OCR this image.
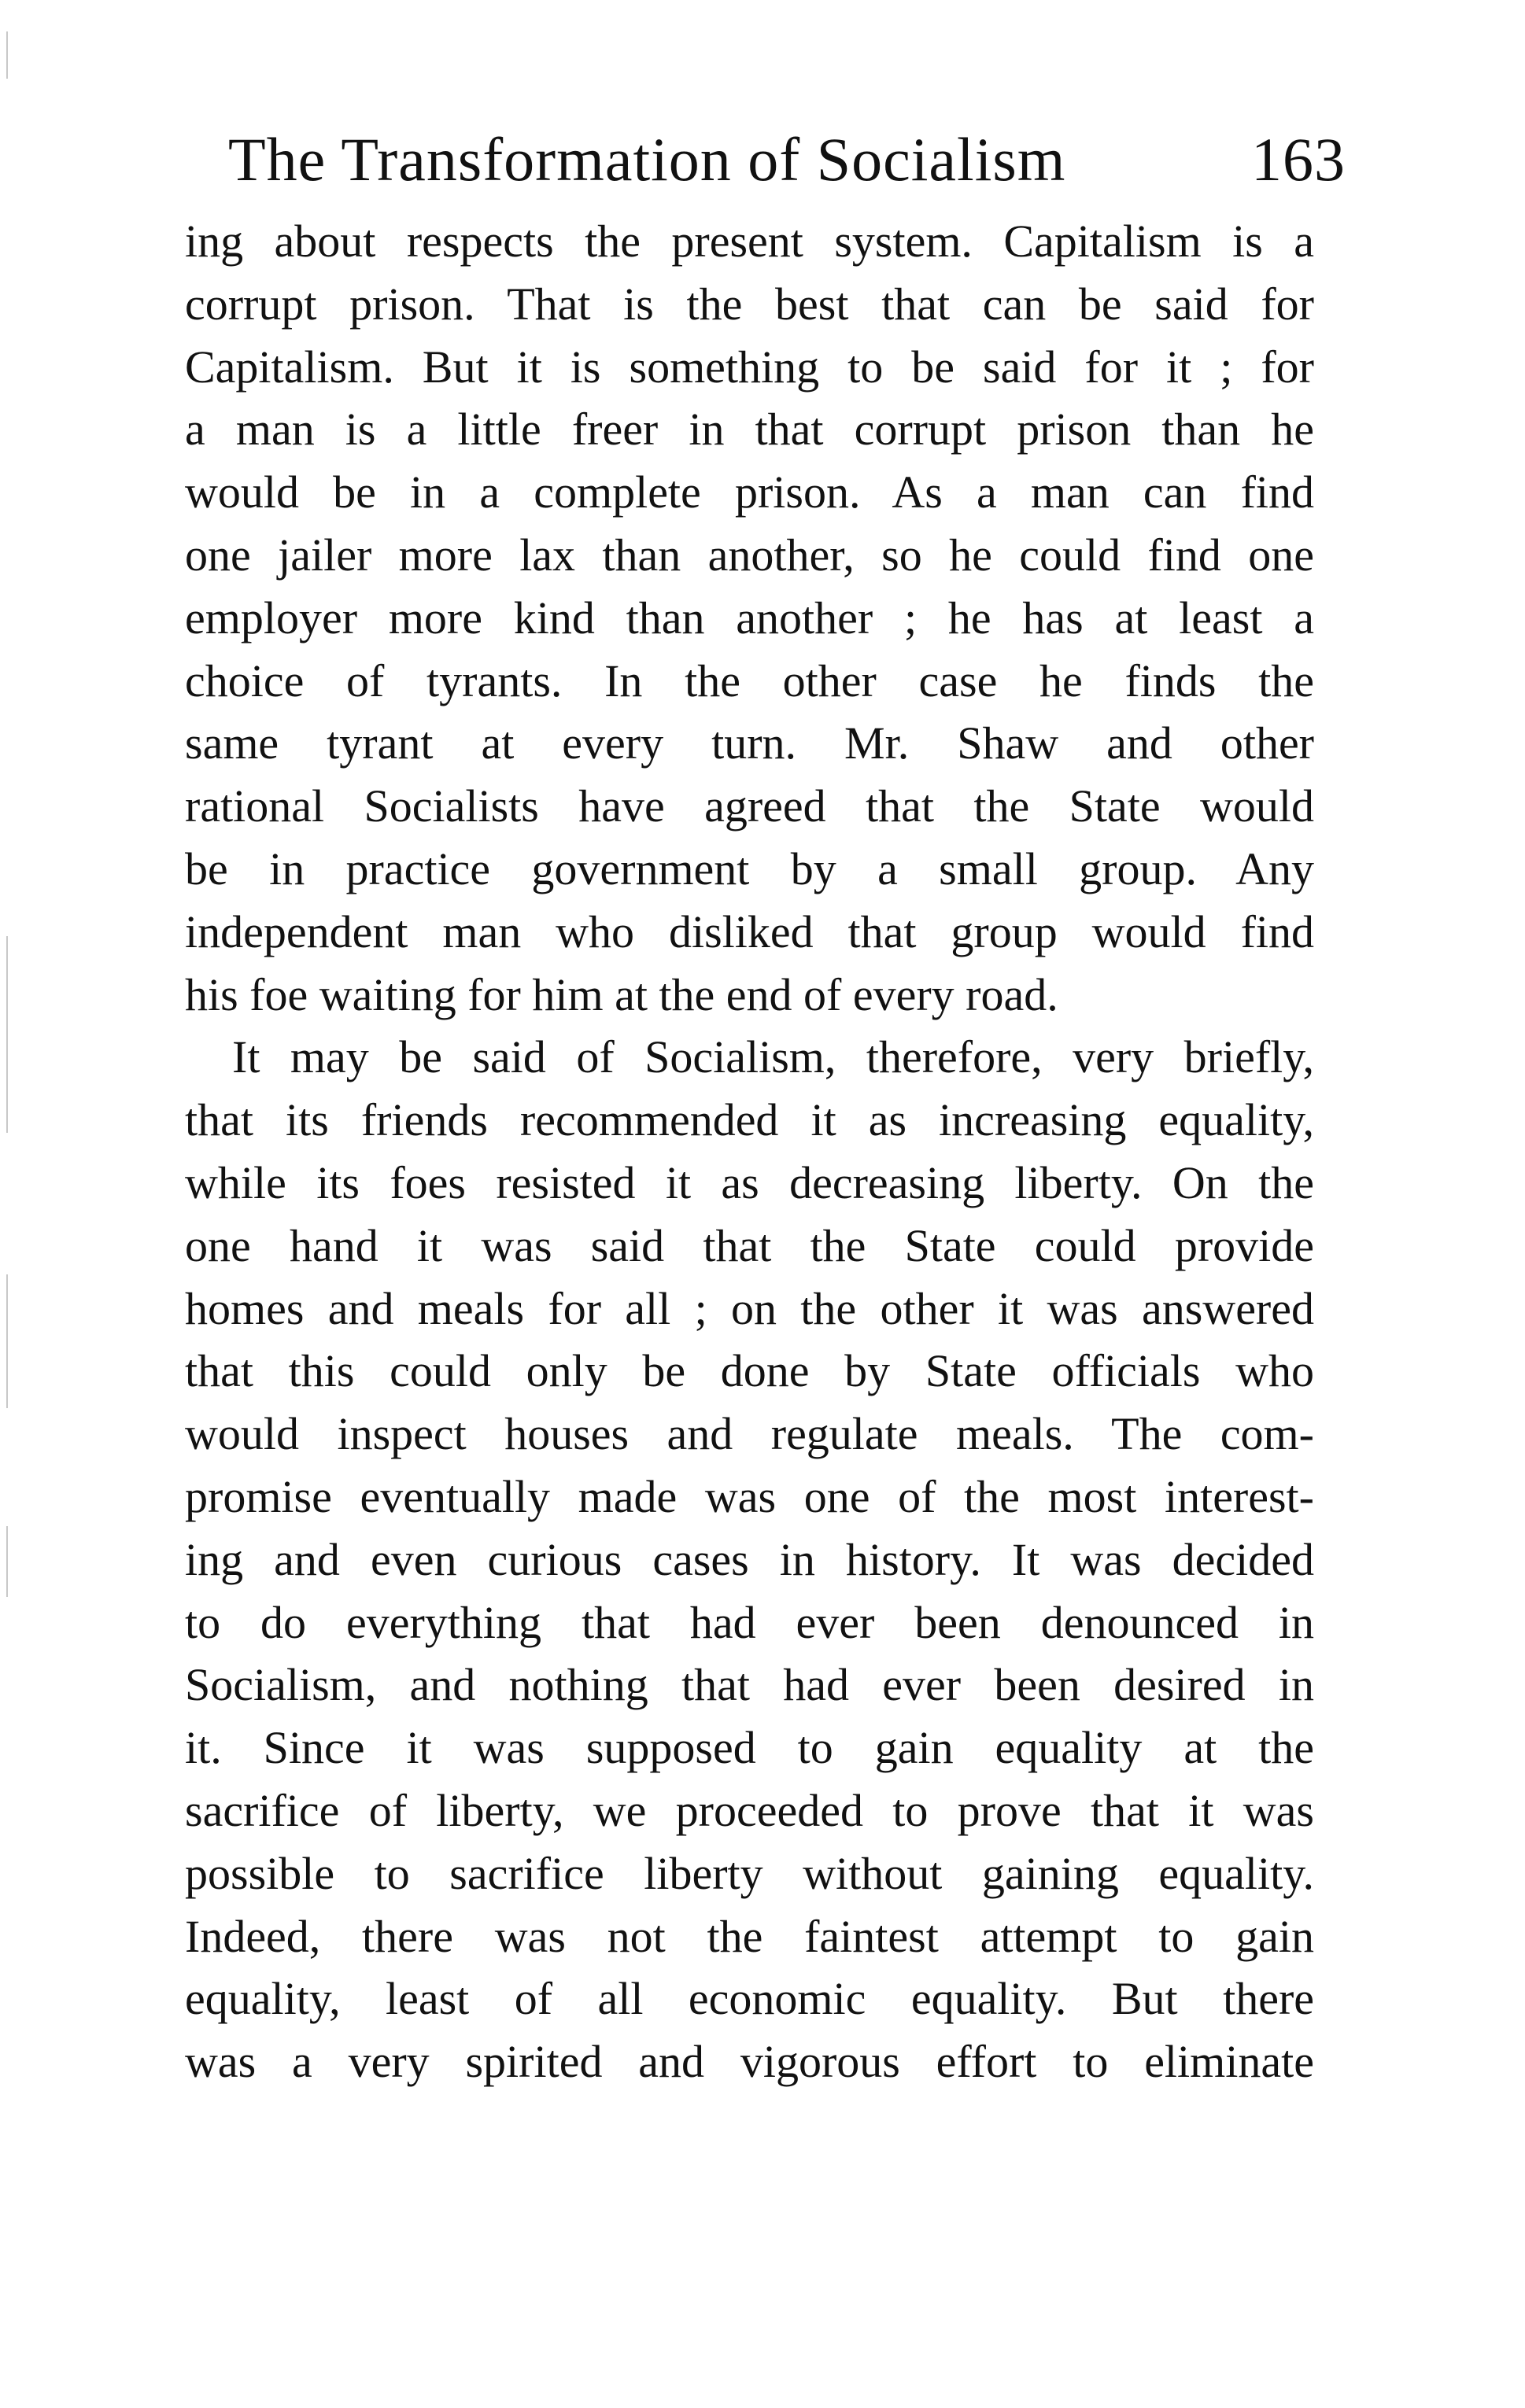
The Transformation of Socialism	163
ing about respects the present system. Capitalism is a
corrupt prison. That is the best that can be said for
Capitalism. But it is something to be said for it ; for
a man is a little freer in that corrupt prison than he
would be in a complete prison. As a man can find
one jailer more lax than another, so he could find one
employer more kind than another ; he has at least a
choice of tyrants. In the other case he finds the
same tyrant at every turn. Mr. Shaw and other
rational Socialists have agreed that the State would
be in practice government by a small group. Any
independent man who disliked that group would find
his foe waiting for him at the end of every road.
It may be said of Socialism, therefore, very briefly,
that its friends recommended it as increasing equality,
while its foes resisted it as decreasing liberty. On the
one hand it was said that the State could provide
homes and meals for all ; on the other it was answered
that this could only be done by State officials who
would inspect houses and regulate meals. The com-
promise eventually made was one of the most interest-
ing and even curious cases in history. It was decided
to do everything that had ever been denounced in
Socialism, and nothing that had ever been desired in
it. Since it was supposed to gain equality at the
sacrifice of liberty, we proceeded to prove that it was
possible to sacrifice liberty without gaining equality.
Indeed, there was not the faintest attempt to gain
equality, least of all economic equality. But there
was a very spirited and vigorous effort to eliminate
